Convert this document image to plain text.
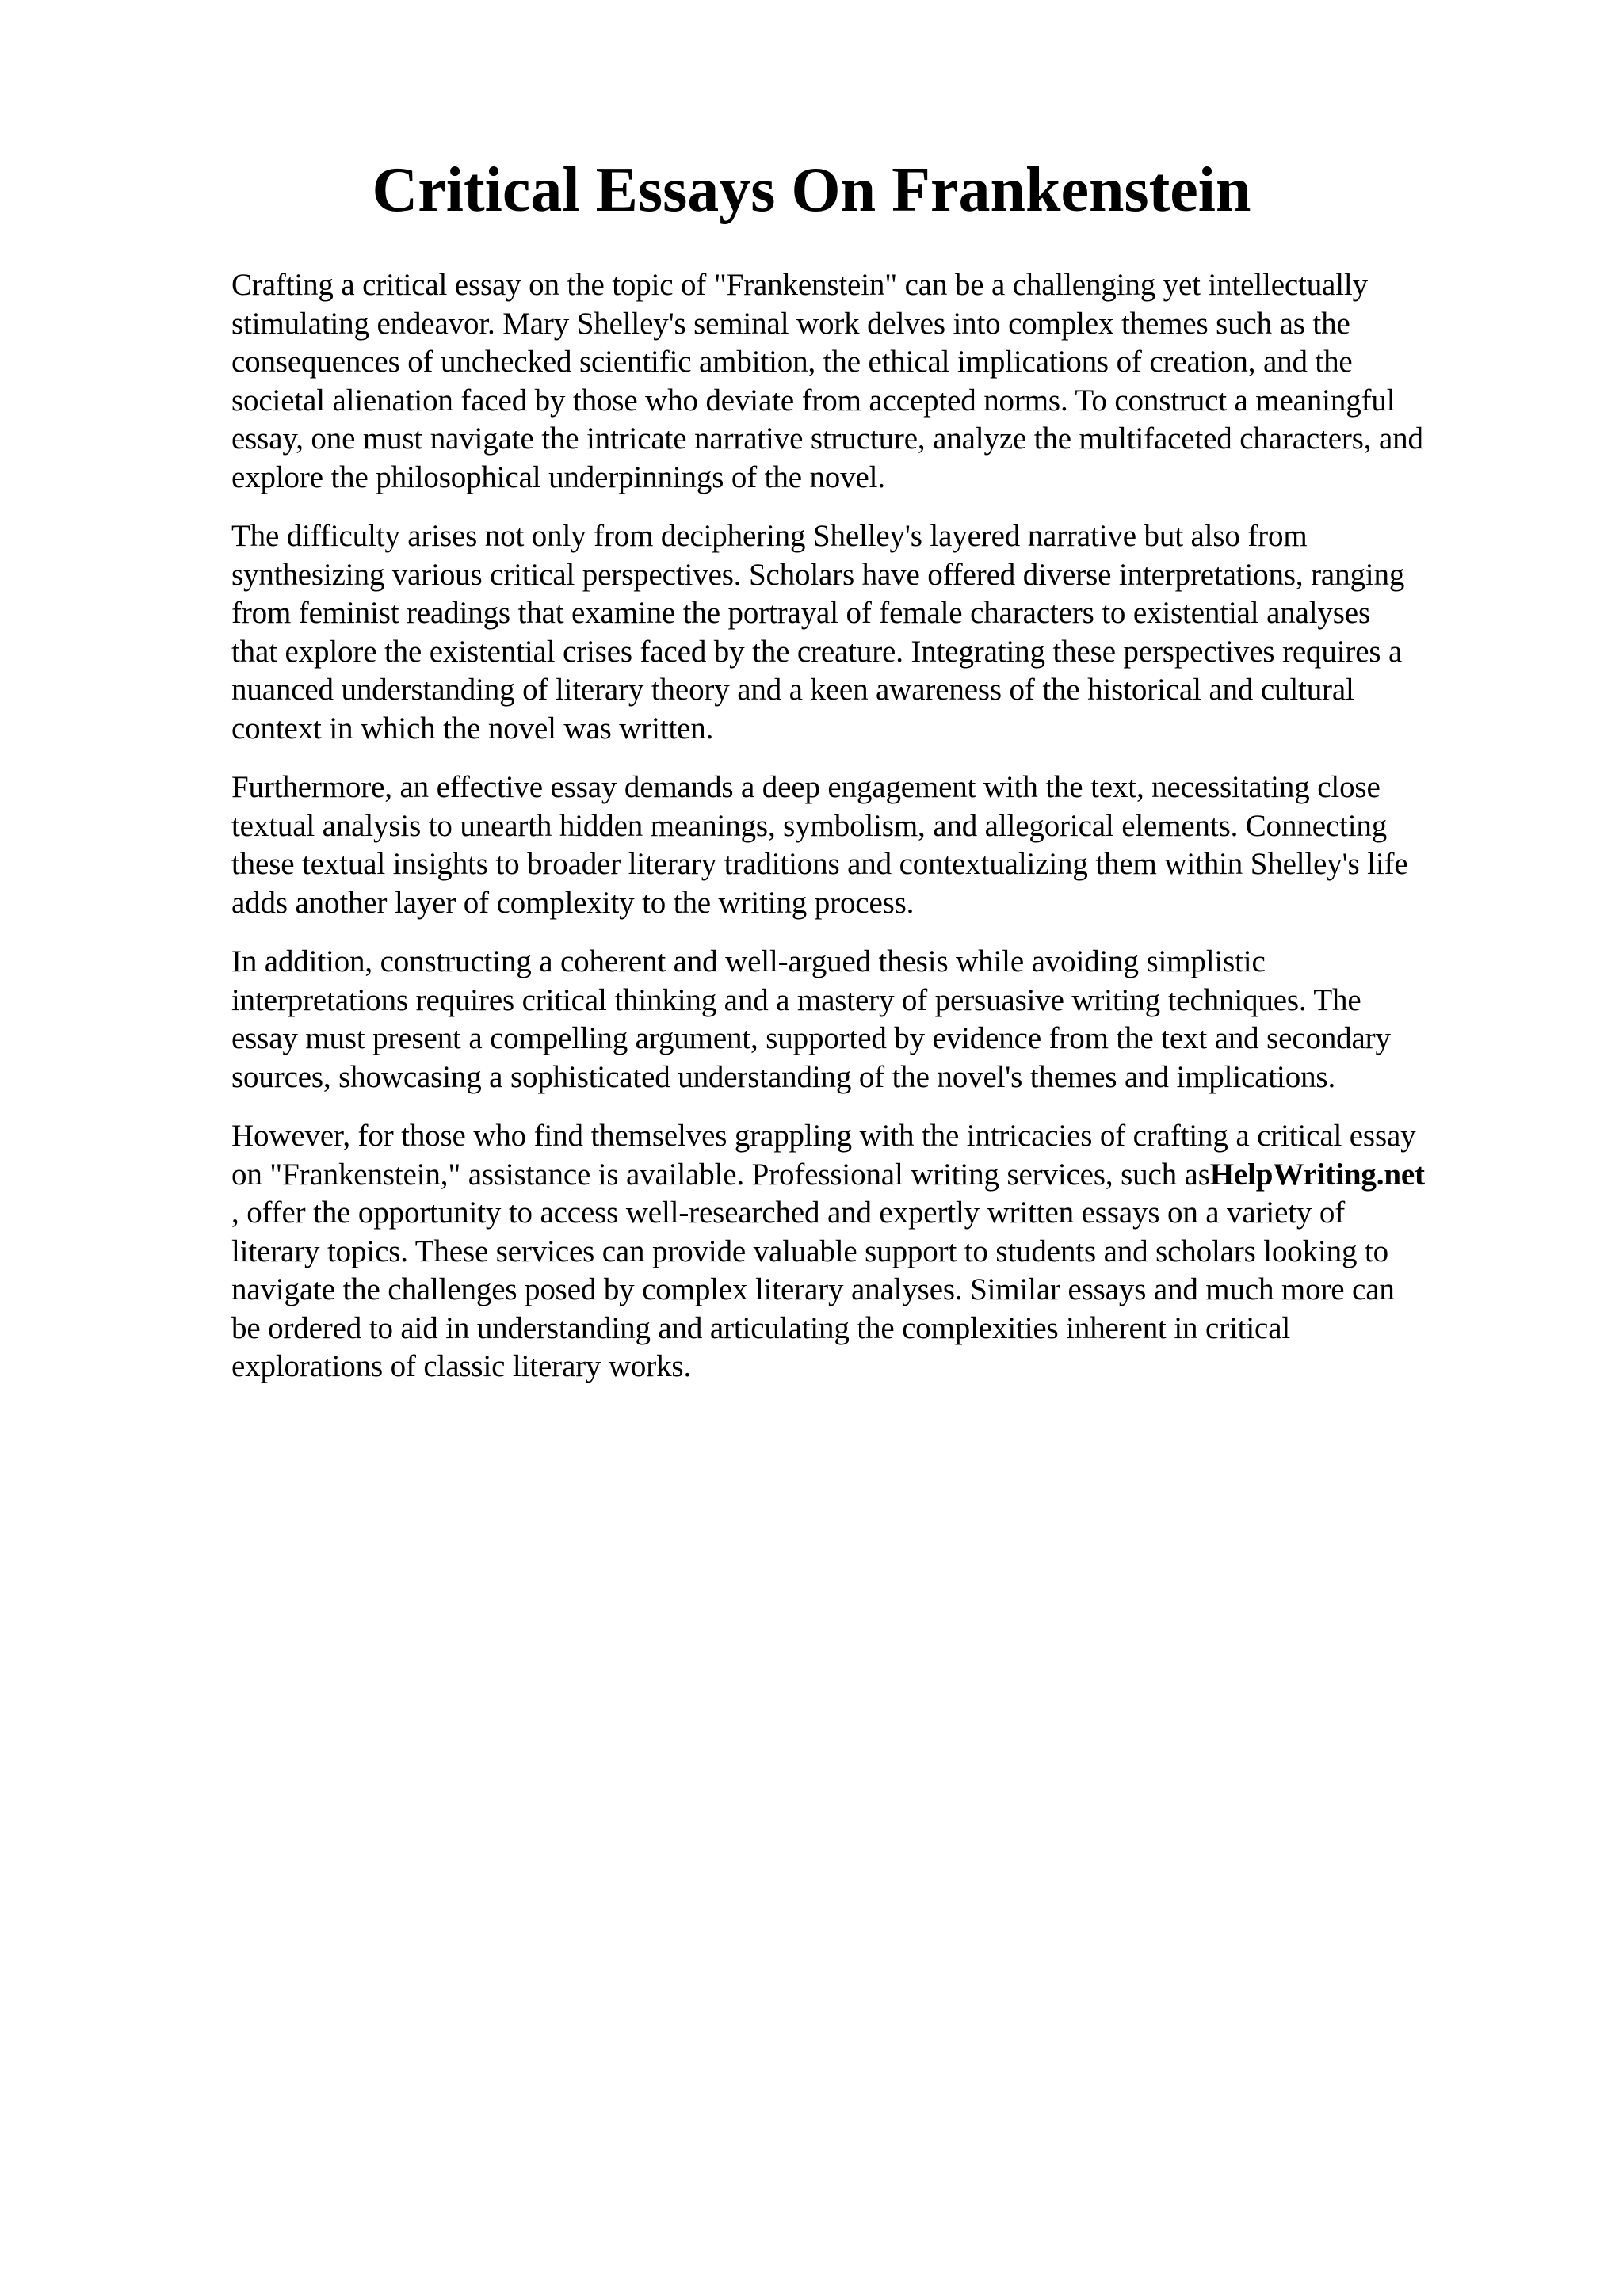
Critical Essays On Frankenstein

Crafting a critical essay on the topic of "Frankenstein" can be a challenging yet intellectually
stimulating endeavor. Mary Shelley's seminal work delves into complex themes such as the
consequences of unchecked scientific ambition, the ethical implications of creation, and the
societal alienation faced by those who deviate from accepted norms. To construct a meaningful
essay, one must navigate the intricate narrative structure, analyze the multifaceted characters, and
explore the philosophical underpinnings of the novel.

The difficulty arises not only from deciphering Shelley's layered narrative but also from
synthesizing various critical perspectives. Scholars have offered diverse interpretations, ranging
from feminist readings that examine the portrayal of female characters to existential analyses
that explore the existential crises faced by the creature. Integrating these perspectives requires a
nuanced understanding of literary theory and a keen awareness of the historical and cultural
context in which the novel was written.

Furthermore, an effective essay demands a deep engagement with the text, necessitating close
textual analysis to unearth hidden meanings, symbolism, and allegorical elements. Connecting
these textual insights to broader literary traditions and contextualizing them within Shelley's life
adds another layer of complexity to the writing process.

In addition, constructing a coherent and well-argued thesis while avoiding simplistic
interpretations requires critical thinking and a mastery of persuasive writing techniques. The
essay must present a compelling argument, supported by evidence from the text and secondary
sources, showcasing a sophisticated understanding of the novel's themes and implications.

However, for those who find themselves grappling with the intricacies of crafting a critical essay
on "Frankenstein," assistance is available. Professional writing services, such asHelpWriting.net
, offer the opportunity to access well-researched and expertly written essays on a variety of
literary topics. These services can provide valuable support to students and scholars looking to
navigate the challenges posed by complex literary analyses. Similar essays and much more can
be ordered to aid in understanding and articulating the complexities inherent in critical
explorations of classic literary works.
